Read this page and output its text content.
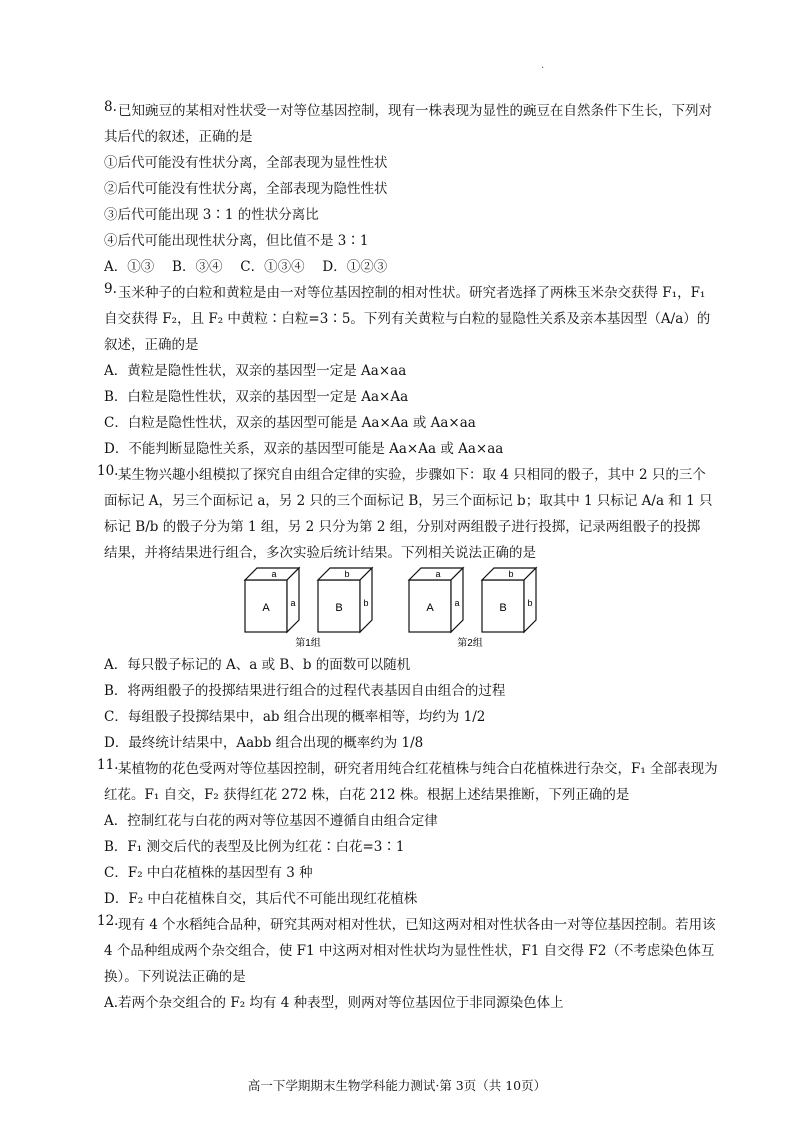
.
8. 已知豌豆的某相对性状受一对等位基因控制，现有一株表现为显性的豌豆在自然条件下生长，下列对
其后代的叙述，正确的是
①后代可能没有性状分离，全部表现为显性性状
②后代可能没有性状分离，全部表现为隐性性状
③后代可能出现 3∶1 的性状分离比
④后代可能出现性状分离，但比值不是 3∶1
A．①③　 B．③④　 C．①③④　 D．①②③
9. 玉米种子的白粒和黄粒是由一对等位基因控制的相对性状。研究者选择了两株玉米杂交获得 F₁，F₁
自交获得 F₂，且 F₂ 中黄粒∶白粒=3∶5。下列有关黄粒与白粒的显隐性关系及亲本基因型（A/a）的
叙述，正确的是
A．黄粒是隐性性状，双亲的基因型一定是 Aa×aa
B．白粒是隐性性状，双亲的基因型一定是 Aa×Aa
C．白粒是隐性性状，双亲的基因型可能是 Aa×Aa 或 Aa×aa
D．不能判断显隐性关系，双亲的基因型可能是 Aa×Aa 或 Aa×aa
10. 某生物兴趣小组模拟了探究自由组合定律的实验，步骤如下：取 4 只相同的骰子，其中 2 只的三个
面标记 A，另三个面标记 a，另 2 只的三个面标记 B，另三个面标记 b；取其中 1 只标记 A/a 和 1 只
标记 B/b 的骰子分为第 1 组，另 2 只分为第 2 组，分别对两组骰子进行投掷，记录两组骰子的投掷
结果，并将结果进行组合，多次实验后统计结果。下列相关说法正确的是
A
a
a	B
b
b	A
a
a	B
b
b
第1组	第2组
A．每只骰子标记的 A、a 或 B、b 的面数可以随机
B．将两组骰子的投掷结果进行组合的过程代表基因自由组合的过程
C．每组骰子投掷结果中，ab 组合出现的概率相等，均约为 1/2
D．最终统计结果中，Aabb 组合出现的概率约为 1/8
11. 某植物的花色受两对等位基因控制，研究者用纯合红花植株与纯合白花植株进行杂交，F₁ 全部表现为
红花。F₁ 自交，F₂ 获得红花 272 株，白花 212 株。根据上述结果推断，下列正确的是
A．控制红花与白花的两对等位基因不遵循自由组合定律
B．F₁ 测交后代的表型及比例为红花∶白花=3∶1
C．F₂ 中白花植株的基因型有 3 种
D．F₂ 中白花植株自交，其后代不可能出现红花植株
12. 现有 4 个水稻纯合品种，研究其两对相对性状，已知这两对相对性状各由一对等位基因控制。若用该
4 个品种组成两个杂交组合，使 F1 中这两对相对性状均为显性性状，F1 自交得 F2（不考虑染色体互
换）。下列说法正确的是
A.若两个杂交组合的 F₂ 均有 4 种表型，则两对等位基因位于非同源染色体上
高一下学期期末生物学科能力测试·第 3页（共 10页）
